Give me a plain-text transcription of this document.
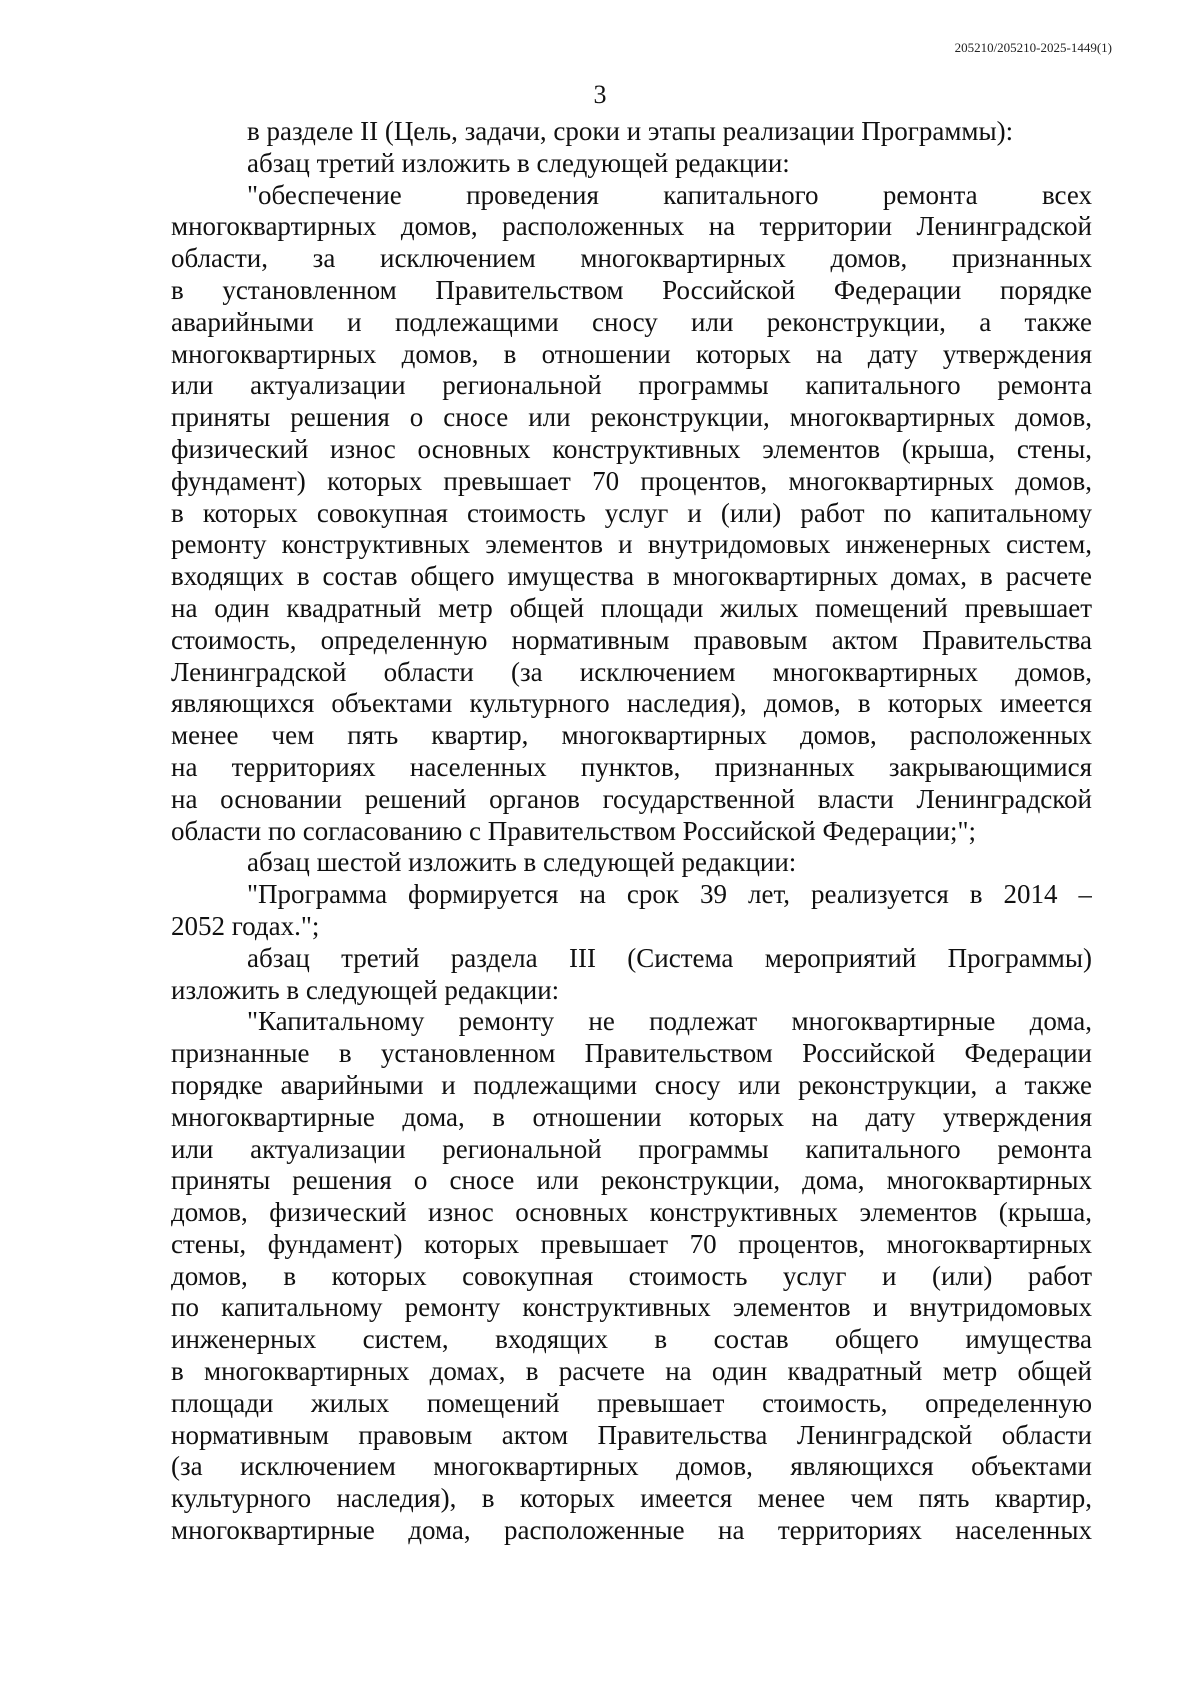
205210/205210-2025-1449(1)
3
в разделе II (Цель, задачи, сроки и этапы реализации Программы):
абзац третий изложить в следующей редакции:
"обеспечение проведения капитального ремонта всех
многоквартирных домов, расположенных на территории Ленинградской
области, за исключением многоквартирных домов, признанных
в установленном Правительством Российской Федерации порядке
аварийными и подлежащими сносу или реконструкции, а также
многоквартирных домов, в отношении которых на дату утверждения
или актуализации региональной программы капитального ремонта
приняты решения о сносе или реконструкции, многоквартирных домов,
физический износ основных конструктивных элементов (крыша, стены,
фундамент) которых превышает 70 процентов, многоквартирных домов,
в которых совокупная стоимость услуг и (или) работ по капитальному
ремонту конструктивных элементов и внутридомовых инженерных систем,
входящих в состав общего имущества в многоквартирных домах, в расчете
на один квадратный метр общей площади жилых помещений превышает
стоимость, определенную нормативным правовым актом Правительства
Ленинградской области (за исключением многоквартирных домов,
являющихся объектами культурного наследия), домов, в которых имеется
менее чем пять квартир, многоквартирных домов, расположенных
на территориях населенных пунктов, признанных закрывающимися
на основании решений органов государственной власти Ленинградской
области по согласованию с Правительством Российской Федерации;";
абзац шестой изложить в следующей редакции:
"Программа формируется на срок 39 лет, реализуется в 2014 –
2052 годах.";
абзац третий раздела III (Система мероприятий Программы)
изложить в следующей редакции:
"Капитальному ремонту не подлежат многоквартирные дома,
признанные в установленном Правительством Российской Федерации
порядке аварийными и подлежащими сносу или реконструкции, а также
многоквартирные дома, в отношении которых на дату утверждения
или актуализации региональной программы капитального ремонта
приняты решения о сносе или реконструкции, дома, многоквартирных
домов, физический износ основных конструктивных элементов (крыша,
стены, фундамент) которых превышает 70 процентов, многоквартирных
домов, в которых совокупная стоимость услуг и (или) работ
по капитальному ремонту конструктивных элементов и внутридомовых
инженерных систем, входящих в состав общего имущества
в многоквартирных домах, в расчете на один квадратный метр общей
площади жилых помещений превышает стоимость, определенную
нормативным правовым актом Правительства Ленинградской области
(за исключением многоквартирных домов, являющихся объектами
культурного наследия), в которых имеется менее чем пять квартир,
многоквартирные дома, расположенные на территориях населенных
